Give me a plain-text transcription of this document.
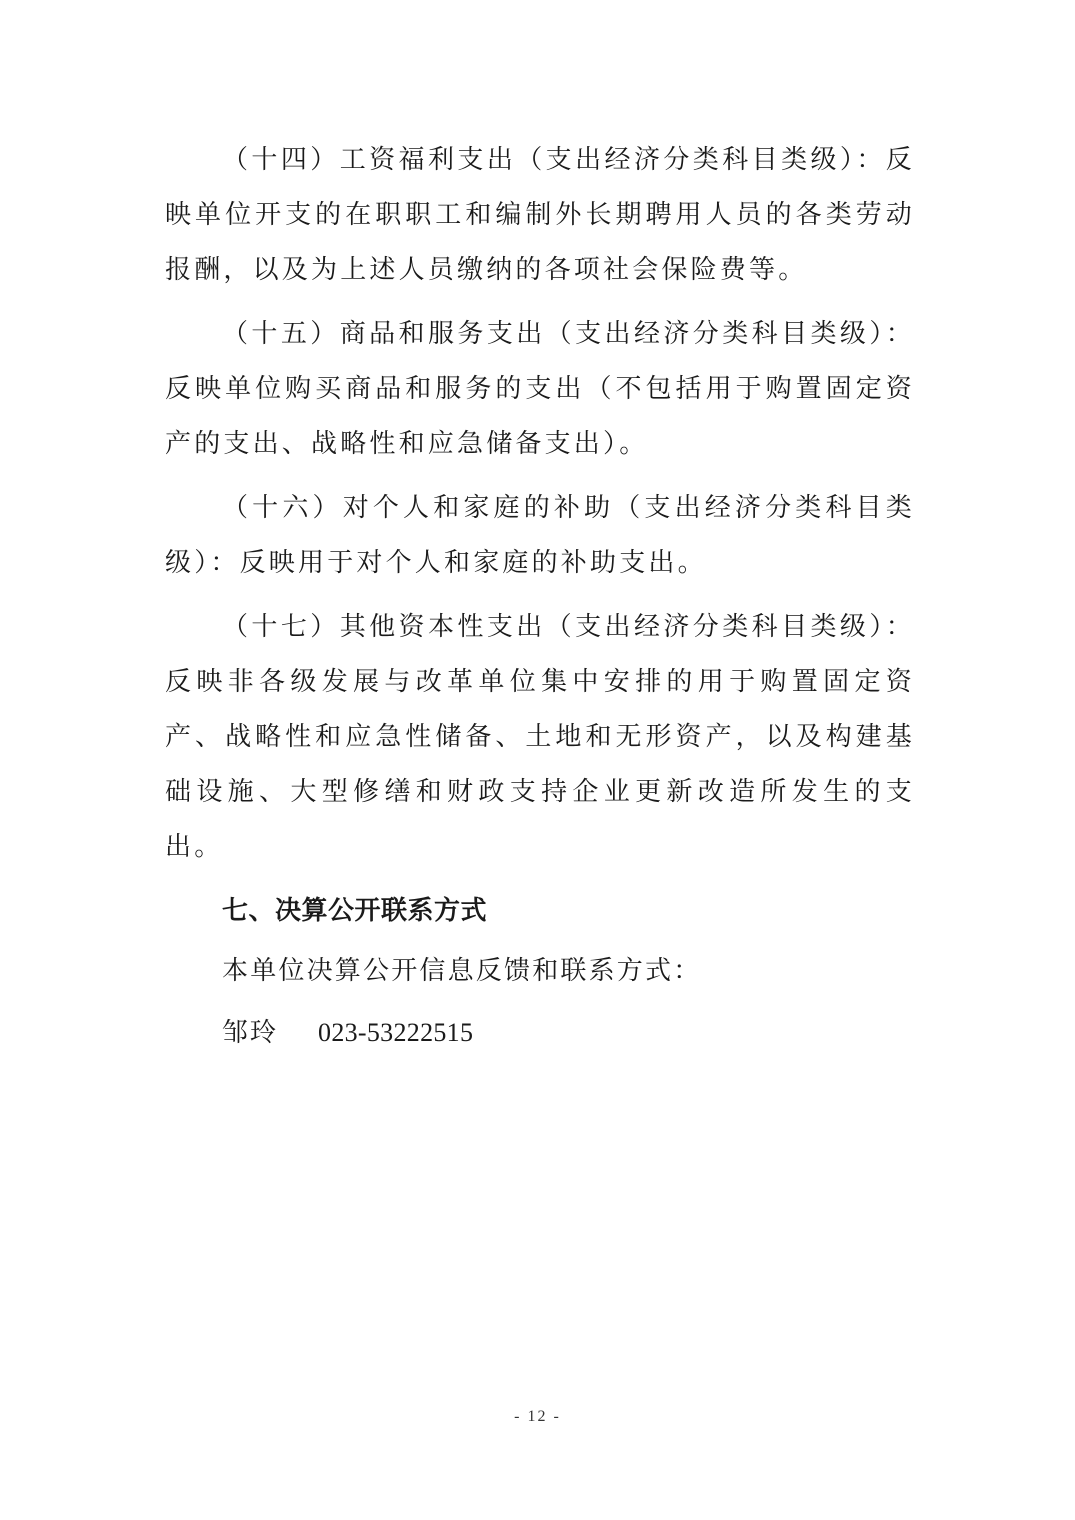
（十四）工资福利支出（支出经济分类科目类级）：反映单位开支的在职职工和编制外长期聘用人员的各类劳动报酬，以及为上述人员缴纳的各项社会保险费等。

（十五）商品和服务支出（支出经济分类科目类级）：反映单位购买商品和服务的支出（不包括用于购置固定资产的支出、战略性和应急储备支出）。

（十六）对个人和家庭的补助（支出经济分类科目类级）：反映用于对个人和家庭的补助支出。

（十七）其他资本性支出（支出经济分类科目类级）：反映非各级发展与改革单位集中安排的用于购置固定资产、战略性和应急性储备、土地和无形资产，以及构建基础设施、大型修缮和财政支持企业更新改造所发生的支出。

七、决算公开联系方式

本单位决算公开信息反馈和联系方式：

邹玲 023-53222515

- 12 -
